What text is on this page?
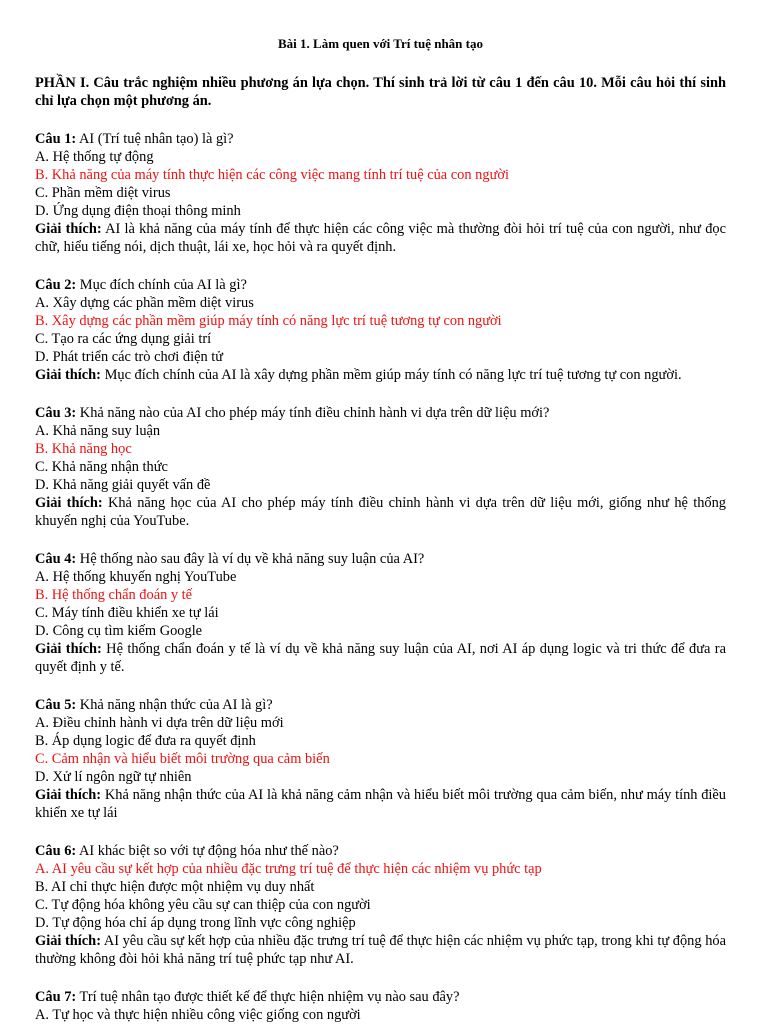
Bài 1. Làm quen với Trí tuệ nhân tạo
PHẦN I. Câu trắc nghiệm nhiều phương án lựa chọn. Thí sinh trả lời từ câu 1 đến câu 10. Mỗi câu hỏi thí sinh chỉ lựa chọn một phương án.
Câu 1: AI (Trí tuệ nhân tạo) là gì?
A. Hệ thống tự động
B. Khả năng của máy tính thực hiện các công việc mang tính trí tuệ của con người
C. Phần mềm diệt virus
D. Ứng dụng điện thoại thông minh
Giải thích: AI là khả năng của máy tính để thực hiện các công việc mà thường đòi hỏi trí tuệ của con người, như đọc chữ, hiểu tiếng nói, dịch thuật, lái xe, học hỏi và ra quyết định.
Câu 2: Mục đích chính của AI là gì?
A. Xây dựng các phần mềm diệt virus
B. Xây dựng các phần mềm giúp máy tính có năng lực trí tuệ tương tự con người
C. Tạo ra các ứng dụng giải trí
D. Phát triển các trò chơi điện tử
Giải thích: Mục đích chính của AI là xây dựng phần mềm giúp máy tính có năng lực trí tuệ tương tự con người.
Câu 3: Khả năng nào của AI cho phép máy tính điều chỉnh hành vi dựa trên dữ liệu mới?
A. Khả năng suy luận
B. Khả năng học
C. Khả năng nhận thức
D. Khả năng giải quyết vấn đề
Giải thích: Khả năng học của AI cho phép máy tính điều chỉnh hành vi dựa trên dữ liệu mới, giống như hệ thống khuyến nghị của YouTube.
Câu 4: Hệ thống nào sau đây là ví dụ về khả năng suy luận của AI?
A. Hệ thống khuyến nghị YouTube
B. Hệ thống chẩn đoán y tế
C. Máy tính điều khiển xe tự lái
D. Công cụ tìm kiếm Google
Giải thích: Hệ thống chẩn đoán y tế là ví dụ về khả năng suy luận của AI, nơi AI áp dụng logic và tri thức để đưa ra quyết định y tế.
Câu 5: Khả năng nhận thức của AI là gì?
A. Điều chỉnh hành vi dựa trên dữ liệu mới
B. Áp dụng logic để đưa ra quyết định
C. Cảm nhận và hiểu biết môi trường qua cảm biến
D. Xử lí ngôn ngữ tự nhiên
Giải thích: Khả năng nhận thức của AI là khả năng cảm nhận và hiểu biết môi trường qua cảm biến, như máy tính điều khiển xe tự lái
Câu 6: AI khác biệt so với tự động hóa như thế nào?
A. AI yêu cầu sự kết hợp của nhiều đặc trưng trí tuệ để thực hiện các nhiệm vụ phức tạp
B. AI chỉ thực hiện được một nhiệm vụ duy nhất
C. Tự động hóa không yêu cầu sự can thiệp của con người
D. Tự động hóa chỉ áp dụng trong lĩnh vực công nghiệp
Giải thích: AI yêu cầu sự kết hợp của nhiều đặc trưng trí tuệ để thực hiện các nhiệm vụ phức tạp, trong khi tự động hóa thường không đòi hỏi khả năng trí tuệ phức tạp như AI.
Câu 7: Trí tuệ nhân tạo được thiết kế để thực hiện nhiệm vụ nào sau đây?
A. Tự học và thực hiện nhiều công việc giống con người
